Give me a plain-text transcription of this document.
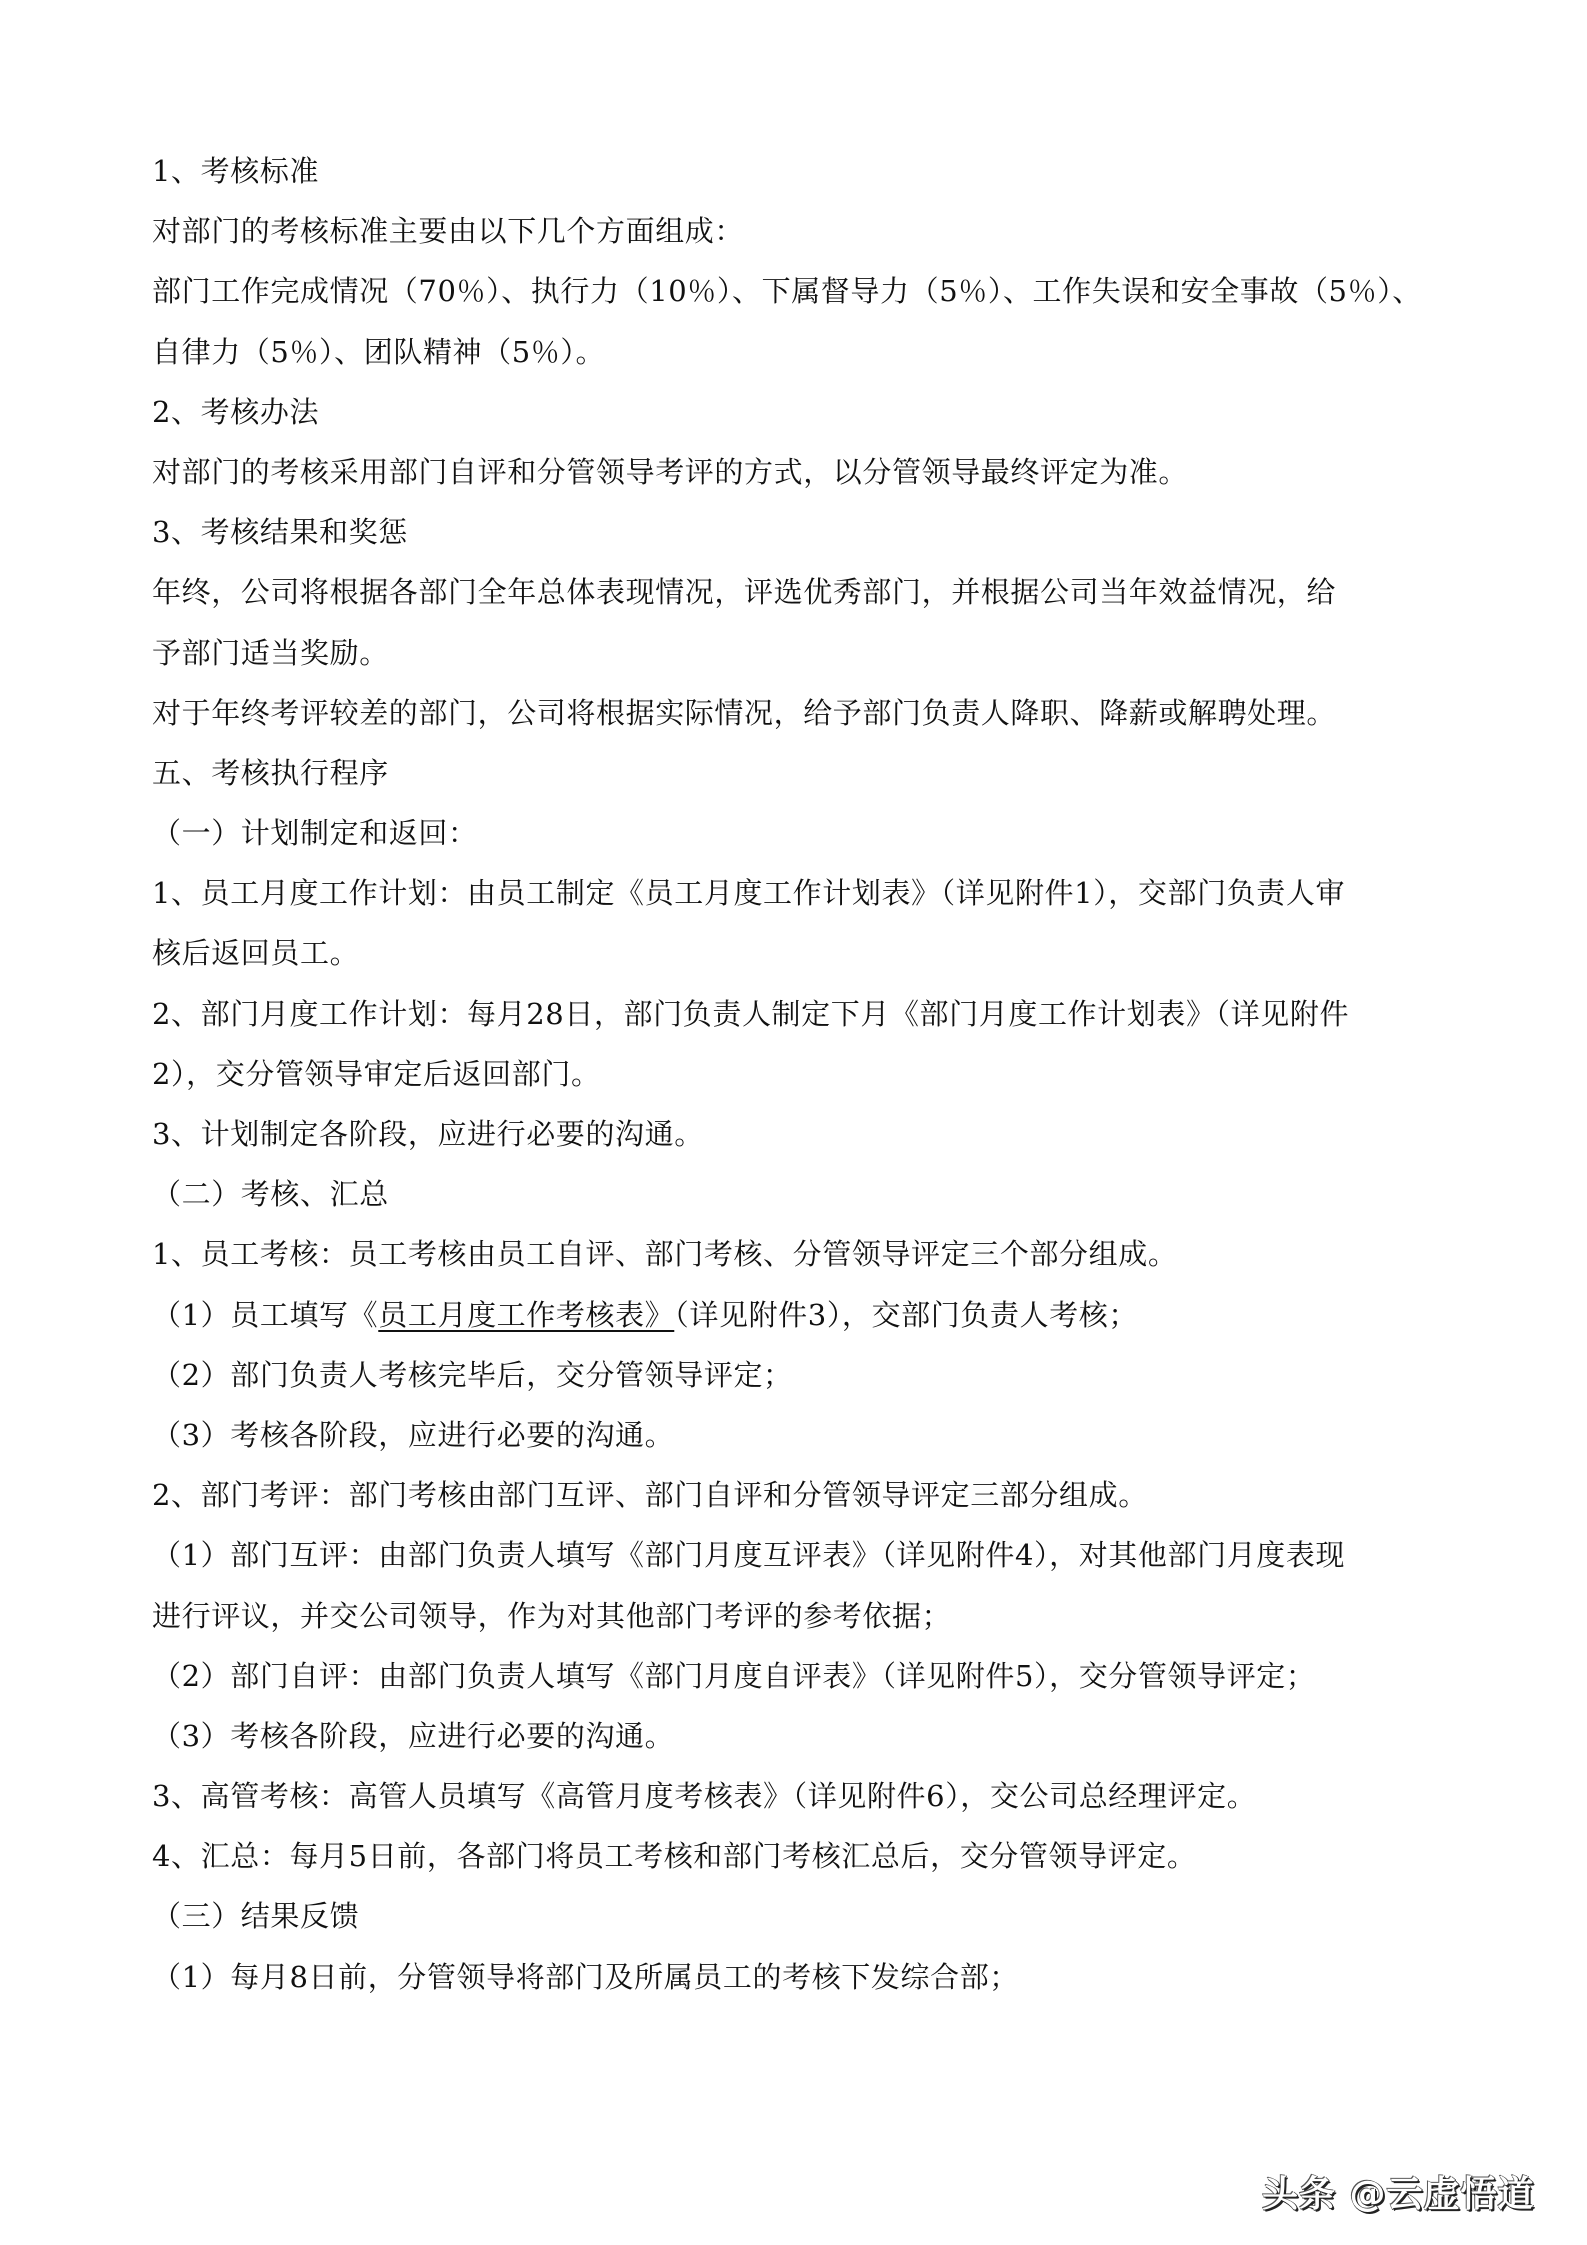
1、考核标准
对部门的考核标准主要由以下几个方面组成：
部门工作完成情况（70％）、执行力（10％）、下属督导力（5％）、工作失误和安全事故（5％）、
自律力（5％）、团队精神（5％）。
2、考核办法
对部门的考核采用部门自评和分管领导考评的方式，以分管领导最终评定为准。
3、考核结果和奖惩
年终，公司将根据各部门全年总体表现情况，评选优秀部门，并根据公司当年效益情况，给
予部门适当奖励。
对于年终考评较差的部门，公司将根据实际情况，给予部门负责人降职、降薪或解聘处理。
五、考核执行程序
（一）计划制定和返回：
1、员工月度工作计划：由员工制定《员工月度工作计划表》（详见附件1），交部门负责人审
核后返回员工。
2、部门月度工作计划：每月28日，部门负责人制定下月《部门月度工作计划表》（详见附件
2），交分管领导审定后返回部门。
3、计划制定各阶段，应进行必要的沟通。
（二）考核、汇总
1、员工考核：员工考核由员工自评、部门考核、分管领导评定三个部分组成。
（1）员工填写《员工月度工作考核表》（详见附件3），交部门负责人考核；
（2）部门负责人考核完毕后，交分管领导评定；
（3）考核各阶段，应进行必要的沟通。
2、部门考评：部门考核由部门互评、部门自评和分管领导评定三部分组成。
（1）部门互评：由部门负责人填写《部门月度互评表》（详见附件4），对其他部门月度表现
进行评议，并交公司领导，作为对其他部门考评的参考依据；
（2）部门自评：由部门负责人填写《部门月度自评表》（详见附件5），交分管领导评定；
（3）考核各阶段，应进行必要的沟通。
3、高管考核：高管人员填写《高管月度考核表》（详见附件6），交公司总经理评定。
4、汇总：每月5日前，各部门将员工考核和部门考核汇总后，交分管领导评定。
（三）结果反馈
（1）每月8日前，分管领导将部门及所属员工的考核下发综合部；
头条 @云虚悟道
